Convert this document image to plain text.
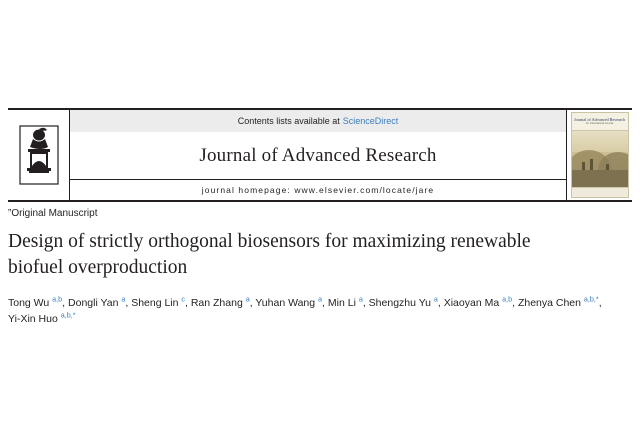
Contents lists available at ScienceDirect
Journal of Advanced Research
journal homepage: www.elsevier.com/locate/jare
Journal of Advanced Research
An International Journal
”Original Manuscript
Design of strictly orthogonal biosensors for maximizing renewable biofuel overproduction
Tong Wu $^{a,b}$, Dongli Yan $^a$, Sheng Lin $^c$, Ran Zhang $^a$, Yuhan Wang $^a$, Min Li $^a$, Shengzhu Yu $^a$, Xiaoyan Ma $^{a,b}$, Zhenya Chen $^{a,b,*}$, Yi-Xin Huo $^{a,b,*}$
